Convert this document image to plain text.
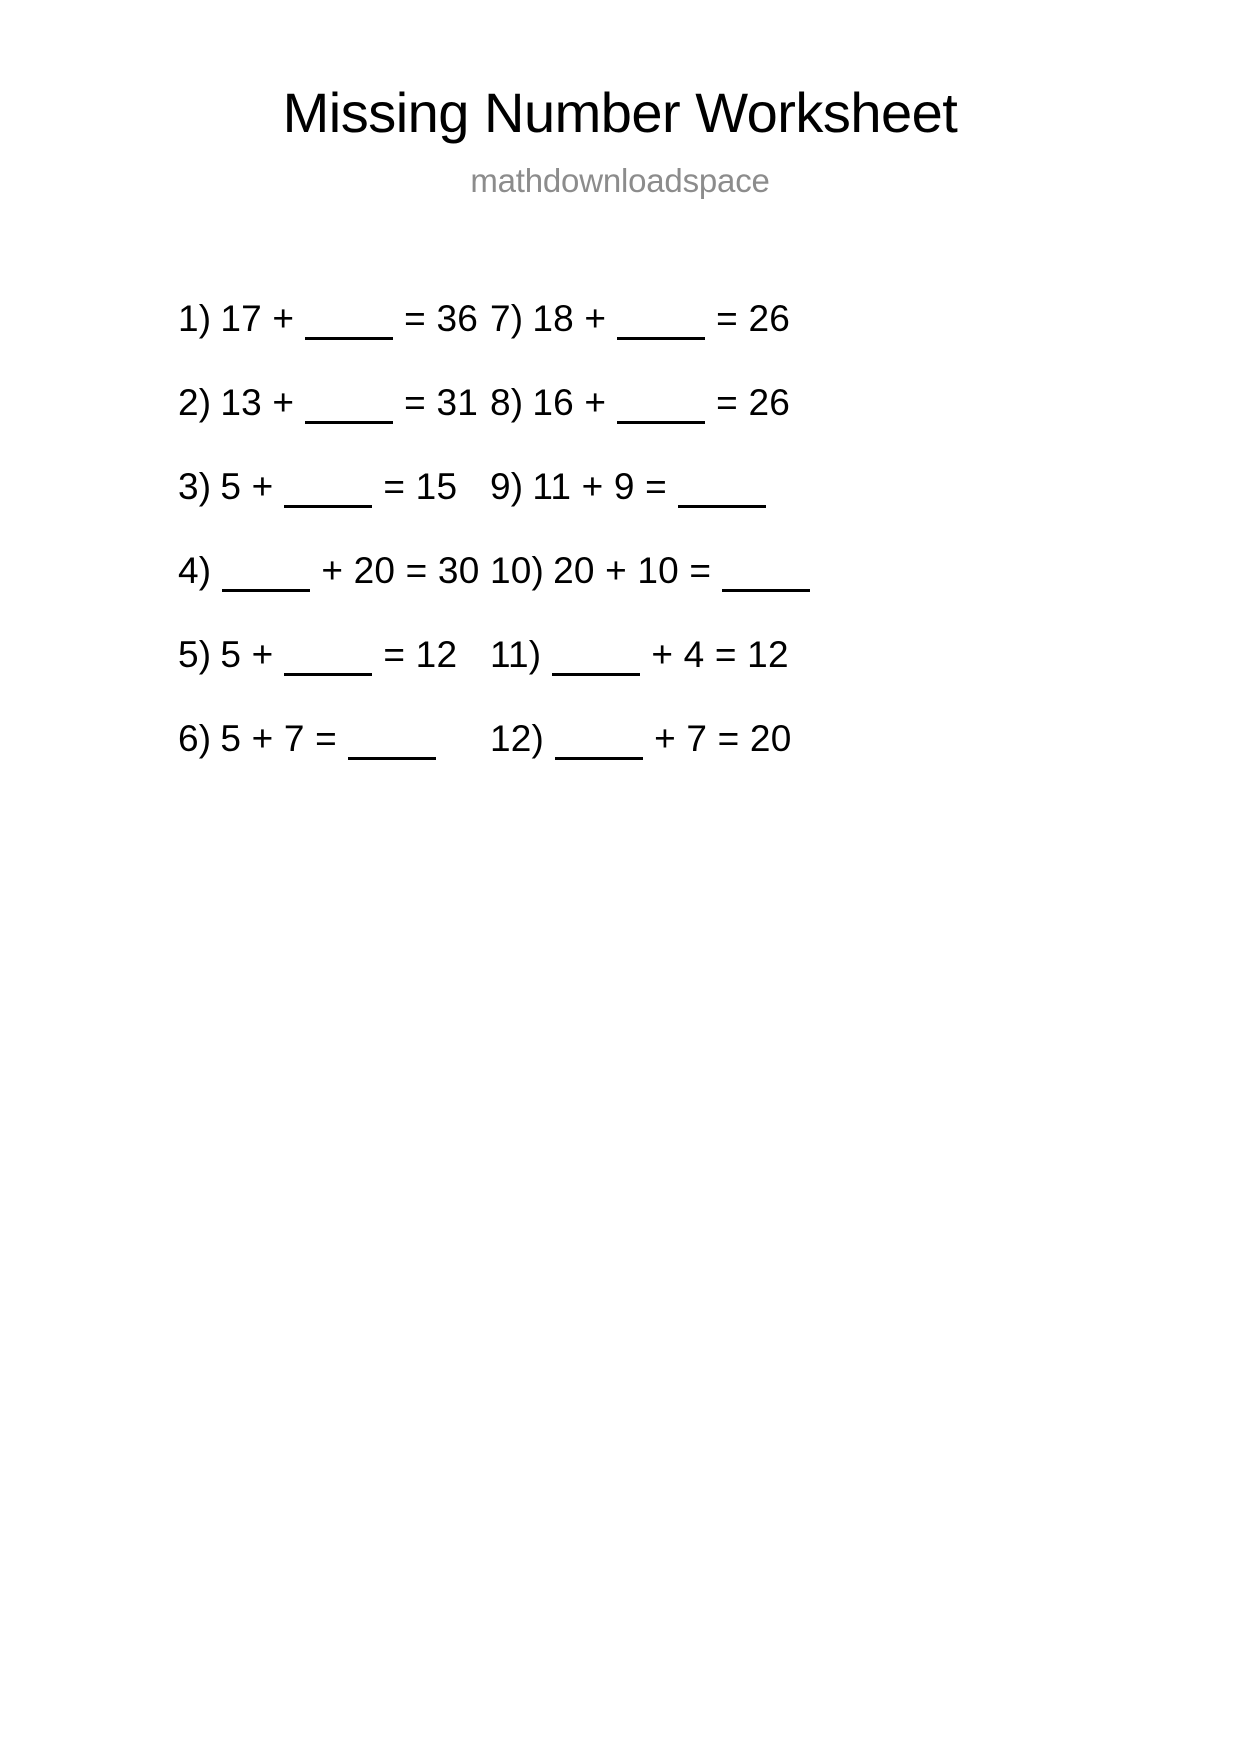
Missing Number Worksheet
mathdownloadspace
1) 17 +	= 36
2) 13 +	= 31
3) 5 +	= 15
4)	+ 20 = 30
5) 5 +	= 12
6) 5 + 7 =
7) 18 +	= 26
8) 16 +	= 26
9) 11 + 9 =
10) 20 + 10 =
11)	+ 4 = 12
12)	+ 7 = 20
